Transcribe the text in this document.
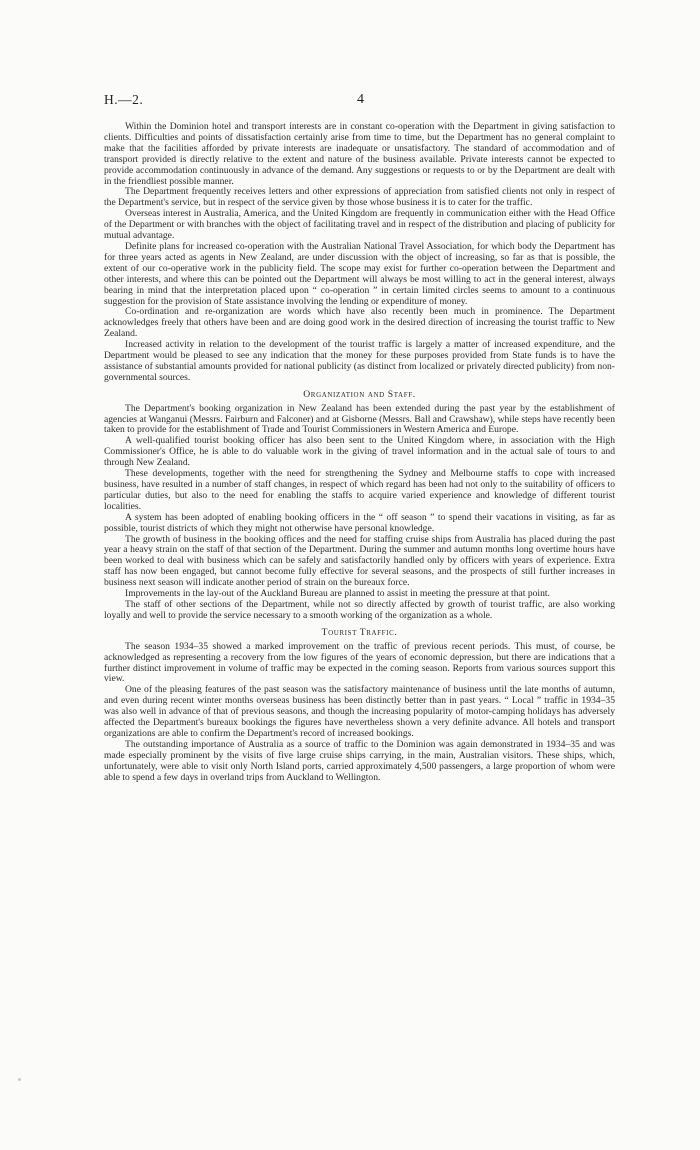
H.—2.	4

Within the Dominion hotel and transport interests are in constant co-operation with the Department in giving satisfaction to clients. Difficulties and points of dissatisfaction certainly arise from time to time, but the Department has no general complaint to make that the facilities afforded by private interests are inadequate or unsatisfactory. The standard of accommodation and of transport provided is directly relative to the extent and nature of the business available. Private interests cannot be expected to provide accommodation continuously in advance of the demand. Any suggestions or requests to or by the Department are dealt with in the friendliest possible manner.

The Department frequently receives letters and other expressions of appreciation from satisfied clients not only in respect of the Department's service, but in respect of the service given by those whose business it is to cater for the traffic.

Overseas interest in Australia, America, and the United Kingdom are frequently in communication either with the Head Office of the Department or with branches with the object of facilitating travel and in respect of the distribution and placing of publicity for mutual advantage.

Definite plans for increased co-operation with the Australian National Travel Association, for which body the Department has for three years acted as agents in New Zealand, are under discussion with the object of increasing, so far as that is possible, the extent of our co-operative work in the publicity field. The scope may exist for further co-operation between the Department and other interests, and where this can be pointed out the Department will always be most willing to act in the general interest, always bearing in mind that the interpretation placed upon “ co-operation ” in certain limited circles seems to amount to a continuous suggestion for the provision of State assistance involving the lending or expenditure of money.

Co-ordination and re-organization are words which have also recently been much in prominence. The Department acknowledges freely that others have been and are doing good work in the desired direction of increasing the tourist traffic to New Zealand.

Increased activity in relation to the development of the tourist traffic is largely a matter of increased expenditure, and the Department would be pleased to see any indication that the money for these purposes provided from State funds is to have the assistance of substantial amounts provided for national publicity (as distinct from localized or privately directed publicity) from non-governmental sources.

Organization and Staff.

The Department's booking organization in New Zealand has been extended during the past year by the establishment of agencies at Wanganui (Messrs. Fairburn and Falconer) and at Gisborne (Messrs. Ball and Crawshaw), while steps have recently been taken to provide for the establishment of Trade and Tourist Commissioners in Western America and Europe.

A well-qualified tourist booking officer has also been sent to the United Kingdom where, in association with the High Commissioner's Office, he is able to do valuable work in the giving of travel information and in the actual sale of tours to and through New Zealand.

These developments, together with the need for strengthening the Sydney and Melbourne staffs to cope with increased business, have resulted in a number of staff changes, in respect of which regard has been had not only to the suitability of officers to particular duties, but also to the need for enabling the staffs to acquire varied experience and knowledge of different tourist localities.

A system has been adopted of enabling booking officers in the “ off season ” to spend their vacations in visiting, as far as possible, tourist districts of which they might not otherwise have personal knowledge.

The growth of business in the booking offices and the need for staffing cruise ships from Australia has placed during the past year a heavy strain on the staff of that section of the Department. During the summer and autumn months long overtime hours have been worked to deal with business which can be safely and satisfactorily handled only by officers with years of experience. Extra staff has now been engaged, but cannot become fully effective for several seasons, and the prospects of still further increases in business next season will indicate another period of strain on the bureaux force.

Improvements in the lay-out of the Auckland Bureau are planned to assist in meeting the pressure at that point.

The staff of other sections of the Department, while not so directly affected by growth of tourist traffic, are also working loyally and well to provide the service necessary to a smooth working of the organization as a whole.

Tourist Traffic.

The season 1934–35 showed a marked improvement on the traffic of previous recent periods. This must, of course, be acknowledged as representing a recovery from the low figures of the years of economic depression, but there are indications that a further distinct improvement in volume of traffic may be expected in the coming season. Reports from various sources support this view.

One of the pleasing features of the past season was the satisfactory maintenance of business until the late months of autumn, and even during recent winter months overseas business has been distinctly better than in past years. “ Local ” traffic in 1934–35 was also well in advance of that of previous seasons, and though the increasing popularity of motor-camping holidays has adversely affected the Department's bureaux bookings the figures have nevertheless shown a very definite advance. All hotels and transport organizations are able to confirm the Department's record of increased bookings.

The outstanding importance of Australia as a source of traffic to the Dominion was again demonstrated in 1934–35 and was made especially prominent by the visits of five large cruise ships carrying, in the main, Australian visitors. These ships, which, unfortunately, were able to visit only North Island ports, carried approximately 4,500 passengers, a large proportion of whom were able to spend a few days in overland trips from Auckland to Wellington.
